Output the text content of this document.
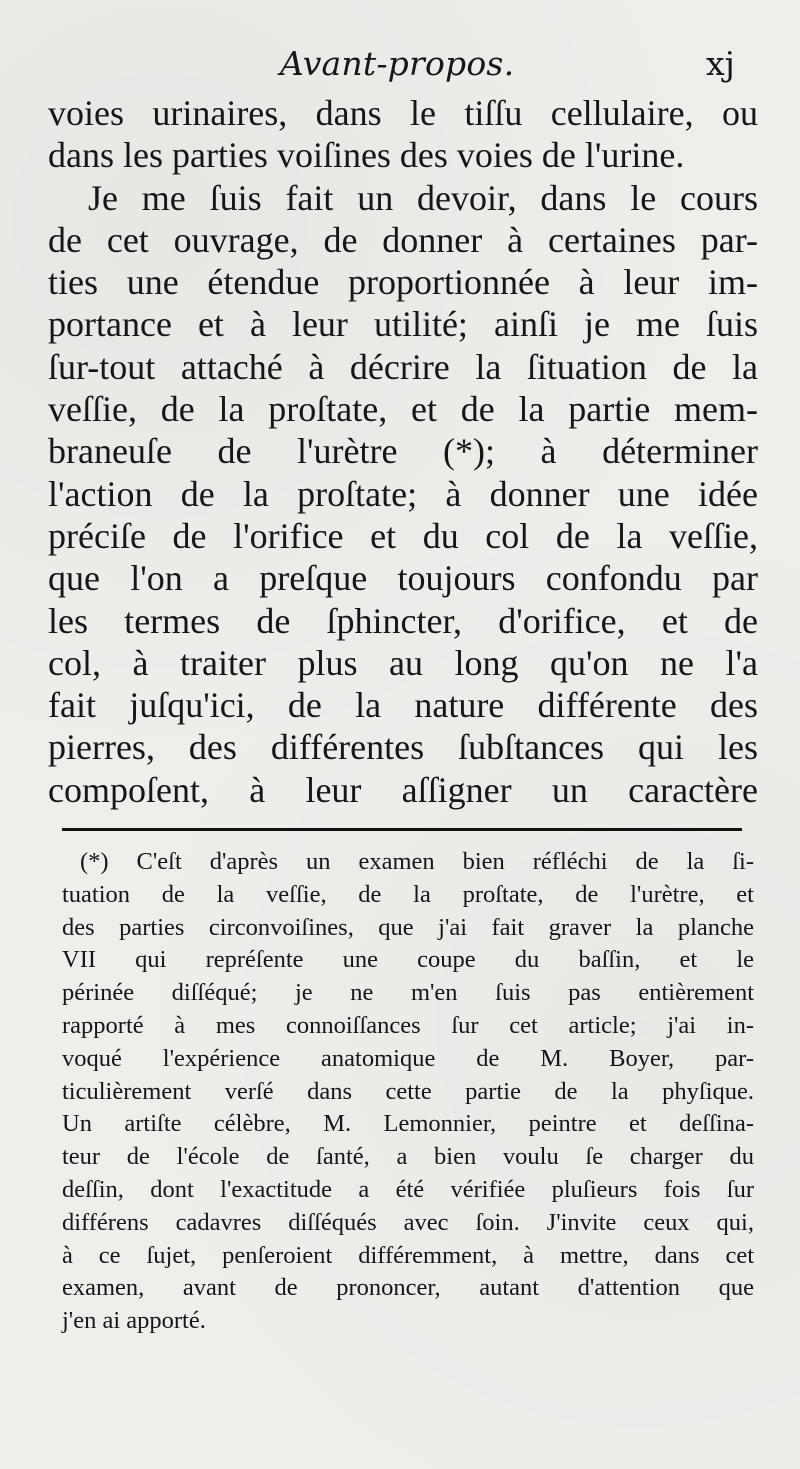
Avant-propos.	xj
voies urinaires, dans le tiſſu cellulaire, ou
dans les parties voiſines des voies de l'urine.
Je me ſuis fait un devoir, dans le cours
de cet ouvrage, de donner à certaines par-
ties une étendue proportionnée à leur im-
portance et à leur utilité; ainſi je me ſuis
ſur-tout attaché à décrire la ſituation de la
veſſie, de la proſtate, et de la partie mem-
braneuſe de l'urètre (*); à déterminer
l'action de la proſtate; à donner une idée
préciſe de l'orifice et du col de la veſſie,
que l'on a preſque toujours confondu par
les termes de ſphincter, d'orifice, et de
col, à traiter plus au long qu'on ne l'a
fait juſqu'ici, de la nature différente des
pierres, des différentes ſubſtances qui les
compoſent, à leur aſſigner un caractère
(*) C'eſt d'après un examen bien réfléchi de la ſi-
tuation de la veſſie, de la proſtate, de l'urètre, et
des parties circonvoiſines, que j'ai fait graver la planche
VII qui repréſente une coupe du baſſin, et le
périnée diſſéqué; je ne m'en ſuis pas entièrement
rapporté à mes connoiſſances ſur cet article; j'ai in-
voqué l'expérience anatomique de M. Boyer, par-
ticulièrement verſé dans cette partie de la phyſique.
Un artiſte célèbre, M. Lemonnier, peintre et deſſina-
teur de l'école de ſanté, a bien voulu ſe charger du
deſſin, dont l'exactitude a été vérifiée pluſieurs fois ſur
différens cadavres diſſéqués avec ſoin. J'invite ceux qui,
à ce ſujet, penſeroient différemment, à mettre, dans cet
examen, avant de prononcer, autant d'attention que
j'en ai apporté.
